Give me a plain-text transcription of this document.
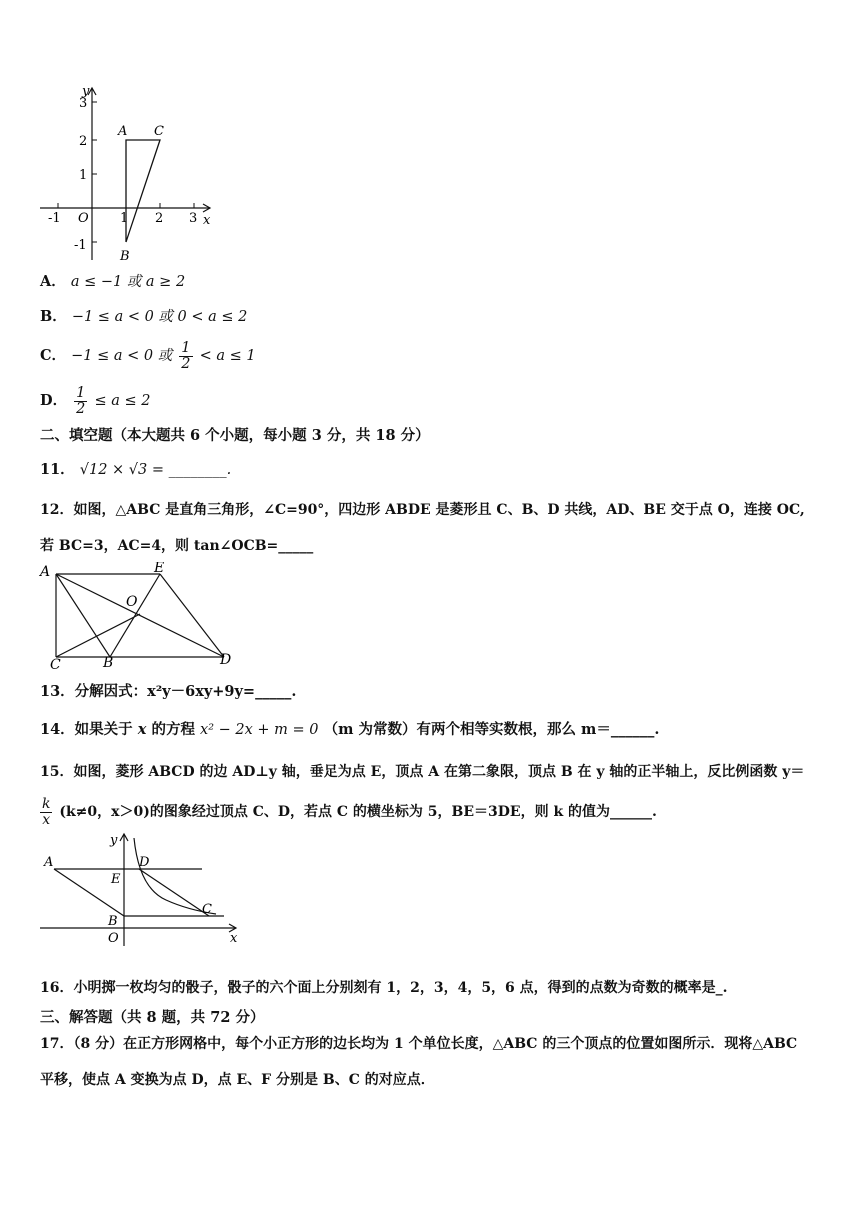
y
x
O
3
2
1
-1
-1	1 2 3
A C
B
A． a ≤ −1 或 a ≥ 2
B． −1 ≤ a < 0 或 0 < a ≤ 2
C． −1 ≤ a < 0 或 $\frac{1}{2} < a \le 1$
D． $\frac{1}{2} \le a \le 2$
二、填空题（本大题共 6 个小题，每小题 3 分，共 18 分）
11． √12 × √3 = ________.
12．如图，△ABC 是直角三角形，∠C=90°，四边形 ABDE 是菱形且 C、B、D 共线，AD、BE 交于点 O，连接 OC,
若 BC=3，AC=4，则 tan∠OCB=_____
A	E
O
C	B	D
13．分解因式：x²y－6xy+9y=_____.
14．如果关于 x 的方程 x² − 2x + m = 0 （m 为常数）有两个相等实数根，那么 m＝______.
15．如图，菱形 ABCD 的边 AD⊥y 轴，垂足为点 E，顶点 A 在第二象限，顶点 B 在 y 轴的正半轴上，反比例函数 y＝
$\frac{k}{x} (k\ne 0$，x＞0)的图象经过顶点 C、D，若点 C 的横坐标为 5，BE＝3DE，则 k 的值为______.
y
x
A
E
D
B
C
O
16．小明掷一枚均匀的骰子，骰子的六个面上分别刻有 1，2，3，4，5，6 点，得到的点数为奇数的概率是_.
三、解答题（共 8 题，共 72 分）
17．（8 分）在正方形网格中，每个小正方形的边长均为 1 个单位长度，△ABC 的三个顶点的位置如图所示．现将△ABC
平移，使点 A 变换为点 D，点 E、F 分别是 B、C 的对应点．
